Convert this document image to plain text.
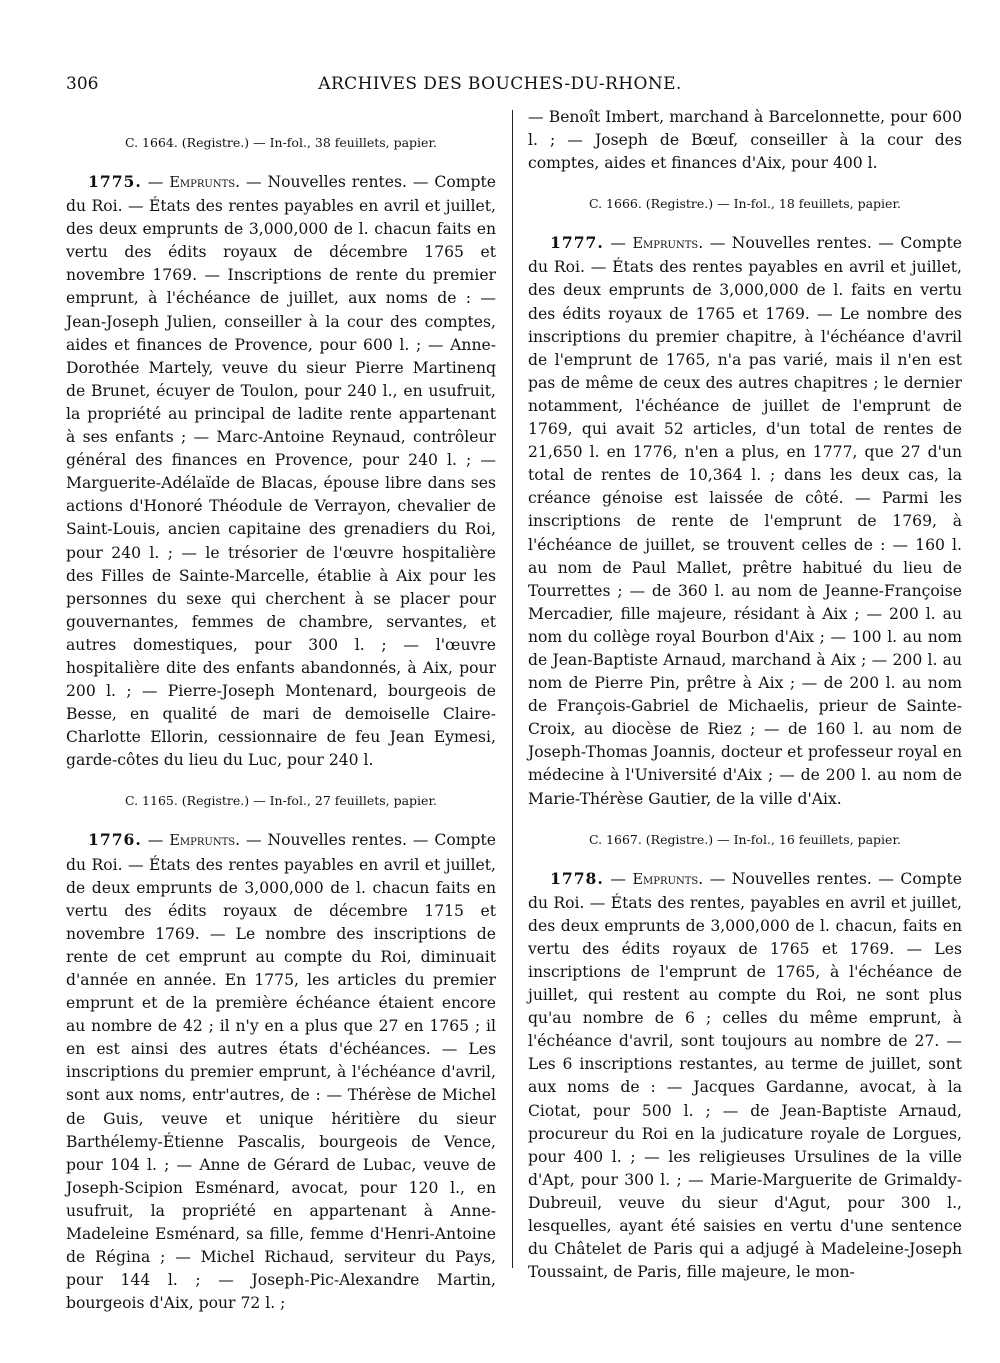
306	ARCHIVES DES BOUCHES-DU-RHONE.

C. 1664. (Registre.) — In-fol., 38 feuillets, papier.

1775. — Emprunts. — Nouvelles rentes. — Compte du Roi. — États des rentes payables en avril et juillet, des deux emprunts de 3,000,000 de l. chacun faits en vertu des édits royaux de décembre 1765 et novembre 1769. — Inscriptions de rente du premier emprunt, à l'échéance de juillet, aux noms de : — Jean-Joseph Julien, conseiller à la cour des comptes, aides et finances de Provence, pour 600 l. ; — Anne-Dorothée Martely, veuve du sieur Pierre Martinenq de Brunet, écuyer de Toulon, pour 240 l., en usufruit, la propriété au principal de ladite rente appartenant à ses enfants ; — Marc-Antoine Reynaud, contrôleur général des finances en Provence, pour 240 l. ; — Marguerite-Adélaïde de Blacas, épouse libre dans ses actions d'Honoré Théodule de Verrayon, chevalier de Saint-Louis, ancien capitaine des grenadiers du Roi, pour 240 l. ; — le trésorier de l'œuvre hospitalière des Filles de Sainte-Marcelle, établie à Aix pour les personnes du sexe qui cherchent à se placer pour gouvernantes, femmes de chambre, servantes, et autres domestiques, pour 300 l. ; — l'œuvre hospitalière dite des enfants abandonnés, à Aix, pour 200 l. ; — Pierre-Joseph Montenard, bourgeois de Besse, en qualité de mari de demoiselle Claire-Charlotte Ellorin, cessionnaire de feu Jean Eymesi, garde-côtes du lieu du Luc, pour 240 l.

C. 1165. (Registre.) — In-fol., 27 feuillets, papier.

1776. — Emprunts. — Nouvelles rentes. — Compte du Roi. — États des rentes payables en avril et juillet, de deux emprunts de 3,000,000 de l. chacun faits en vertu des édits royaux de décembre 1715 et novembre 1769. — Le nombre des inscriptions de rente de cet emprunt au compte du Roi, diminuait d'année en année. En 1775, les articles du premier emprunt et de la première échéance étaient encore au nombre de 42 ; il n'y en a plus que 27 en 1765 ; il en est ainsi des autres états d'échéances. — Les inscriptions du premier emprunt, à l'échéance d'avril, sont aux noms, entr'autres, de : — Thérèse de Michel de Guis, veuve et unique héritière du sieur Barthélemy-Étienne Pascalis, bourgeois de Vence, pour 104 l. ; — Anne de Gérard de Lubac, veuve de Joseph-Scipion Esménard, avocat, pour 120 l., en usufruit, la propriété en appartenant à Anne-Madeleine Esménard, sa fille, femme d'Henri-Antoine de Régina ; — Michel Richaud, serviteur du Pays, pour 144 l. ; — Joseph-Pic-Alexandre Martin, bourgeois d'Aix, pour 72 l. ;

— Benoît Imbert, marchand à Barcelonnette, pour 600 l. ; — Joseph de Bœuf, conseiller à la cour des comptes, aides et finances d'Aix, pour 400 l.

C. 1666. (Registre.) — In-fol., 18 feuillets, papier.

1777. — Emprunts. — Nouvelles rentes. — Compte du Roi. — États des rentes payables en avril et juillet, des deux emprunts de 3,000,000 de l. faits en vertu des édits royaux de 1765 et 1769. — Le nombre des inscriptions du premier chapitre, à l'échéance d'avril de l'emprunt de 1765, n'a pas varié, mais il n'en est pas de même de ceux des autres chapitres ; le dernier notamment, l'échéance de juillet de l'emprunt de 1769, qui avait 52 articles, d'un total de rentes de 21,650 l. en 1776, n'en a plus, en 1777, que 27 d'un total de rentes de 10,364 l. ; dans les deux cas, la créance génoise est laissée de côté. — Parmi les inscriptions de rente de l'emprunt de 1769, à l'échéance de juillet, se trouvent celles de : — 160 l. au nom de Paul Mallet, prêtre habitué du lieu de Tourrettes ; — de 360 l. au nom de Jeanne-Françoise Mercadier, fille majeure, résidant à Aix ; — 200 l. au nom du collège royal Bourbon d'Aix ; — 100 l. au nom de Jean-Baptiste Arnaud, marchand à Aix ; — 200 l. au nom de Pierre Pin, prêtre à Aix ; — de 200 l. au nom de François-Gabriel de Michaelis, prieur de Sainte-Croix, au diocèse de Riez ; — de 160 l. au nom de Joseph-Thomas Joannis, docteur et professeur royal en médecine à l'Université d'Aix ; — de 200 l. au nom de Marie-Thérèse Gautier, de la ville d'Aix.

C. 1667. (Registre.) — In-fol., 16 feuillets, papier.

1778. — Emprunts. — Nouvelles rentes. — Compte du Roi. — États des rentes, payables en avril et juillet, des deux emprunts de 3,000,000 de l. chacun, faits en vertu des édits royaux de 1765 et 1769. — Les inscriptions de l'emprunt de 1765, à l'échéance de juillet, qui restent au compte du Roi, ne sont plus qu'au nombre de 6 ; celles du même emprunt, à l'échéance d'avril, sont toujours au nombre de 27. — Les 6 inscriptions restantes, au terme de juillet, sont aux noms de : — Jacques Gardanne, avocat, à la Ciotat, pour 500 l. ; — de Jean-Baptiste Arnaud, procureur du Roi en la judicature royale de Lorgues, pour 400 l. ; — les religieuses Ursulines de la ville d'Apt, pour 300 l. ; — Marie-Marguerite de Grimaldy-Dubreuil, veuve du sieur d'Agut, pour 300 l., lesquelles, ayant été saisies en vertu d'une sentence du Châtelet de Paris qui a adjugé à Madeleine-Joseph Toussaint, de Paris, fille majeure, le mon-
